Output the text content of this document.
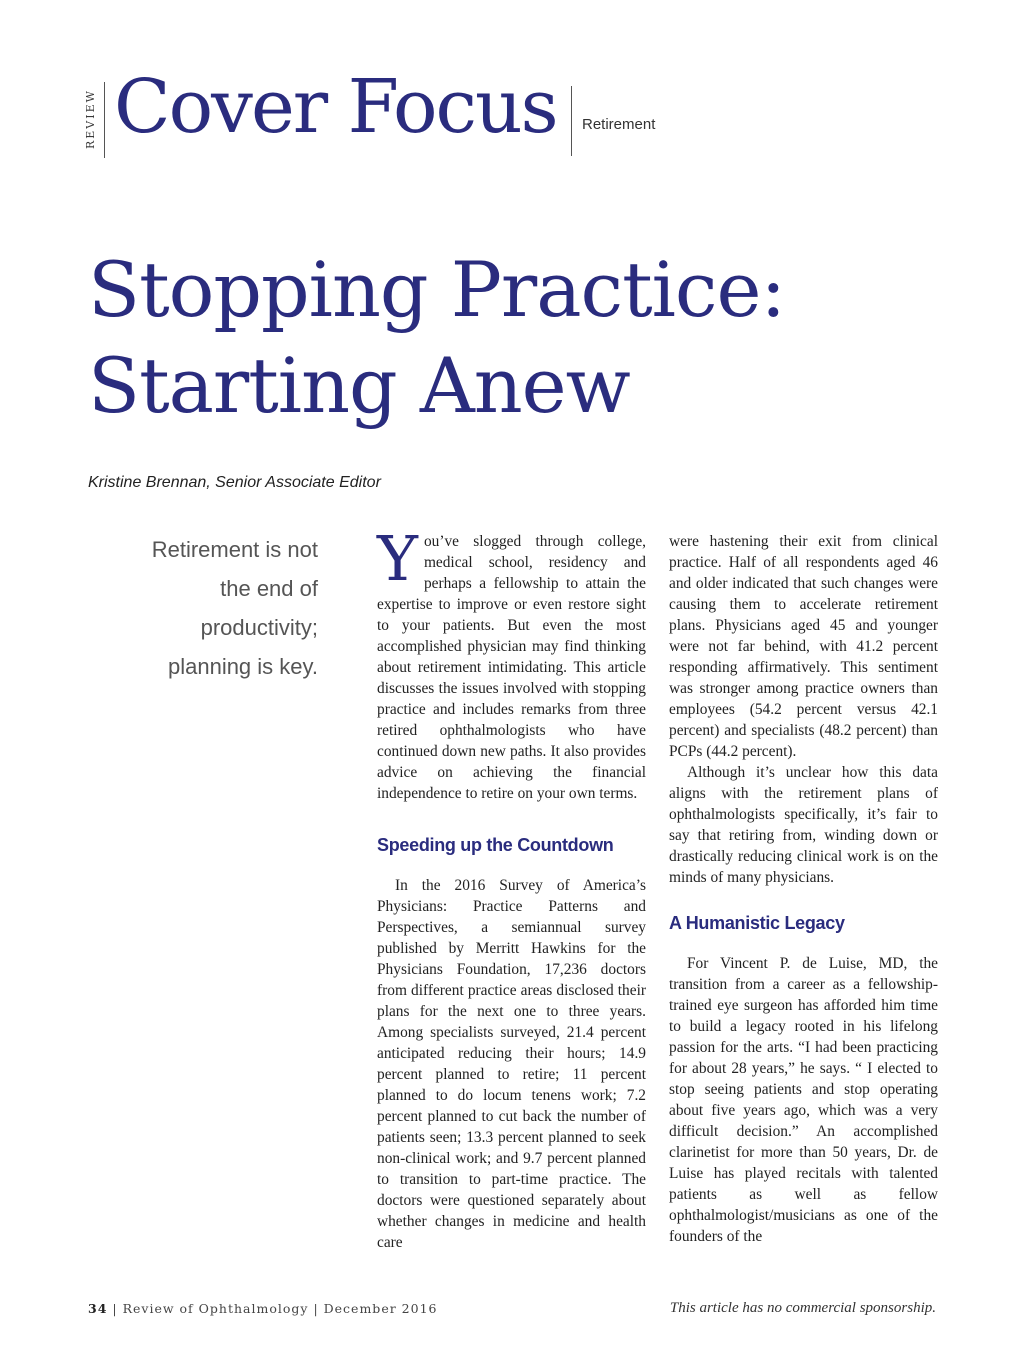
REVIEW Cover Focus Retirement
Stopping Practice:
Starting Anew
Kristine Brennan, Senior Associate Editor
Retirement is not the end of productivity; planning is key.

You’ve slogged through college, medical school, residency and perhaps a fellowship to attain the expertise to improve or even restore sight to your patients. But even the most accomplished physician may find thinking about retirement intimidating. This article discusses the issues involved with stopping practice and includes remarks from three retired ophthalmologists who have continued down new paths. It also provides advice on achieving the financial independence to retire on your own terms.

Speeding up the Countdown

In the 2016 Survey of America’s Physicians: Practice Patterns and Perspectives, a semiannual survey published by Merritt Hawkins for the Physicians Foundation, 17,236 doctors from different practice areas disclosed their plans for the next one to three years. Among specialists surveyed, 21.4 percent anticipated reducing their hours; 14.9 percent planned to retire; 11 percent planned to do locum tenens work; 7.2 percent planned to cut back the number of patients seen; 13.3 percent planned to seek non-clinical work; and 9.7 percent planned to transition to part-time practice. The doctors were questioned separately about whether changes in medicine and health care

were hastening their exit from clinical practice. Half of all respondents aged 46 and older indicated that such changes were causing them to accelerate retirement plans. Physicians aged 45 and younger were not far behind, with 41.2 percent responding affirmatively. This sentiment was stronger among practice owners than employees (54.2 percent versus 42.1 percent) and specialists (48.2 percent) than PCPs (44.2 percent).

Although it’s unclear how this data aligns with the retirement plans of ophthalmologists specifically, it’s fair to say that retiring from, winding down or drastically reducing clinical work is on the minds of many physicians.

A Humanistic Legacy

For Vincent P. de Luise, MD, the transition from a career as a fellowship-trained eye surgeon has afforded him time to build a legacy rooted in his lifelong passion for the arts. “I had been practicing for about 28 years,” he says. “ I elected to stop seeing patients and stop operating about five years ago, which was a very difficult decision.” An accomplished clarinetist for more than 50 years, Dr. de Luise has played recitals with talented patients as well as fellow ophthalmologist/musicians as one of the founders of the

34 | Review of Ophthalmology | December 2016	This article has no commercial sponsorship.
